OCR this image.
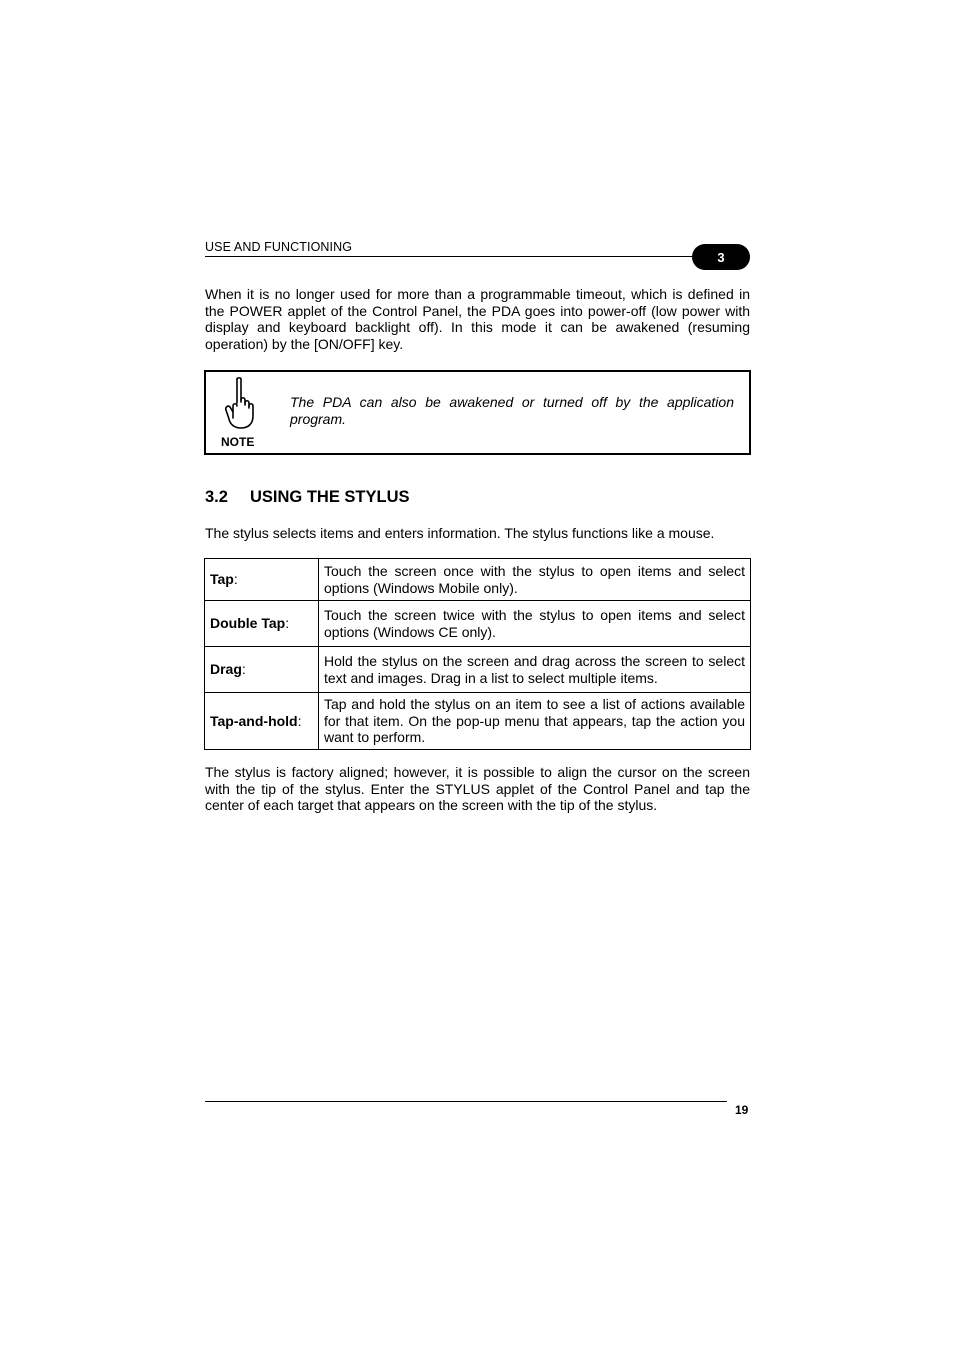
USE AND FUNCTIONING
3
When it is no longer used for more than a programmable timeout, which is defined in the POWER applet of the Control Panel, the PDA goes into power-off (low power with display and keyboard backlight off). In this mode it can be awakened (resuming operation) by the [ON/OFF] key.
NOTE
The PDA can also be awakened or turned off by the application program.
3.2 USING THE STYLUS
The stylus selects items and enters information. The stylus functions like a mouse.
Tap:	Touch the screen once with the stylus to open items and select options (Windows Mobile only).
Double Tap:	Touch the screen twice with the stylus to open items and select options (Windows CE only).
Drag:	Hold the stylus on the screen and drag across the screen to select text and images. Drag in a list to select multiple items.
Tap-and-hold:	Tap and hold the stylus on an item to see a list of actions available for that item. On the pop-up menu that appears, tap the action you want to perform.
The stylus is factory aligned; however, it is possible to align the cursor on the screen with the tip of the stylus. Enter the STYLUS applet of the Control Panel and tap the center of each target that appears on the screen with the tip of the stylus.
19
